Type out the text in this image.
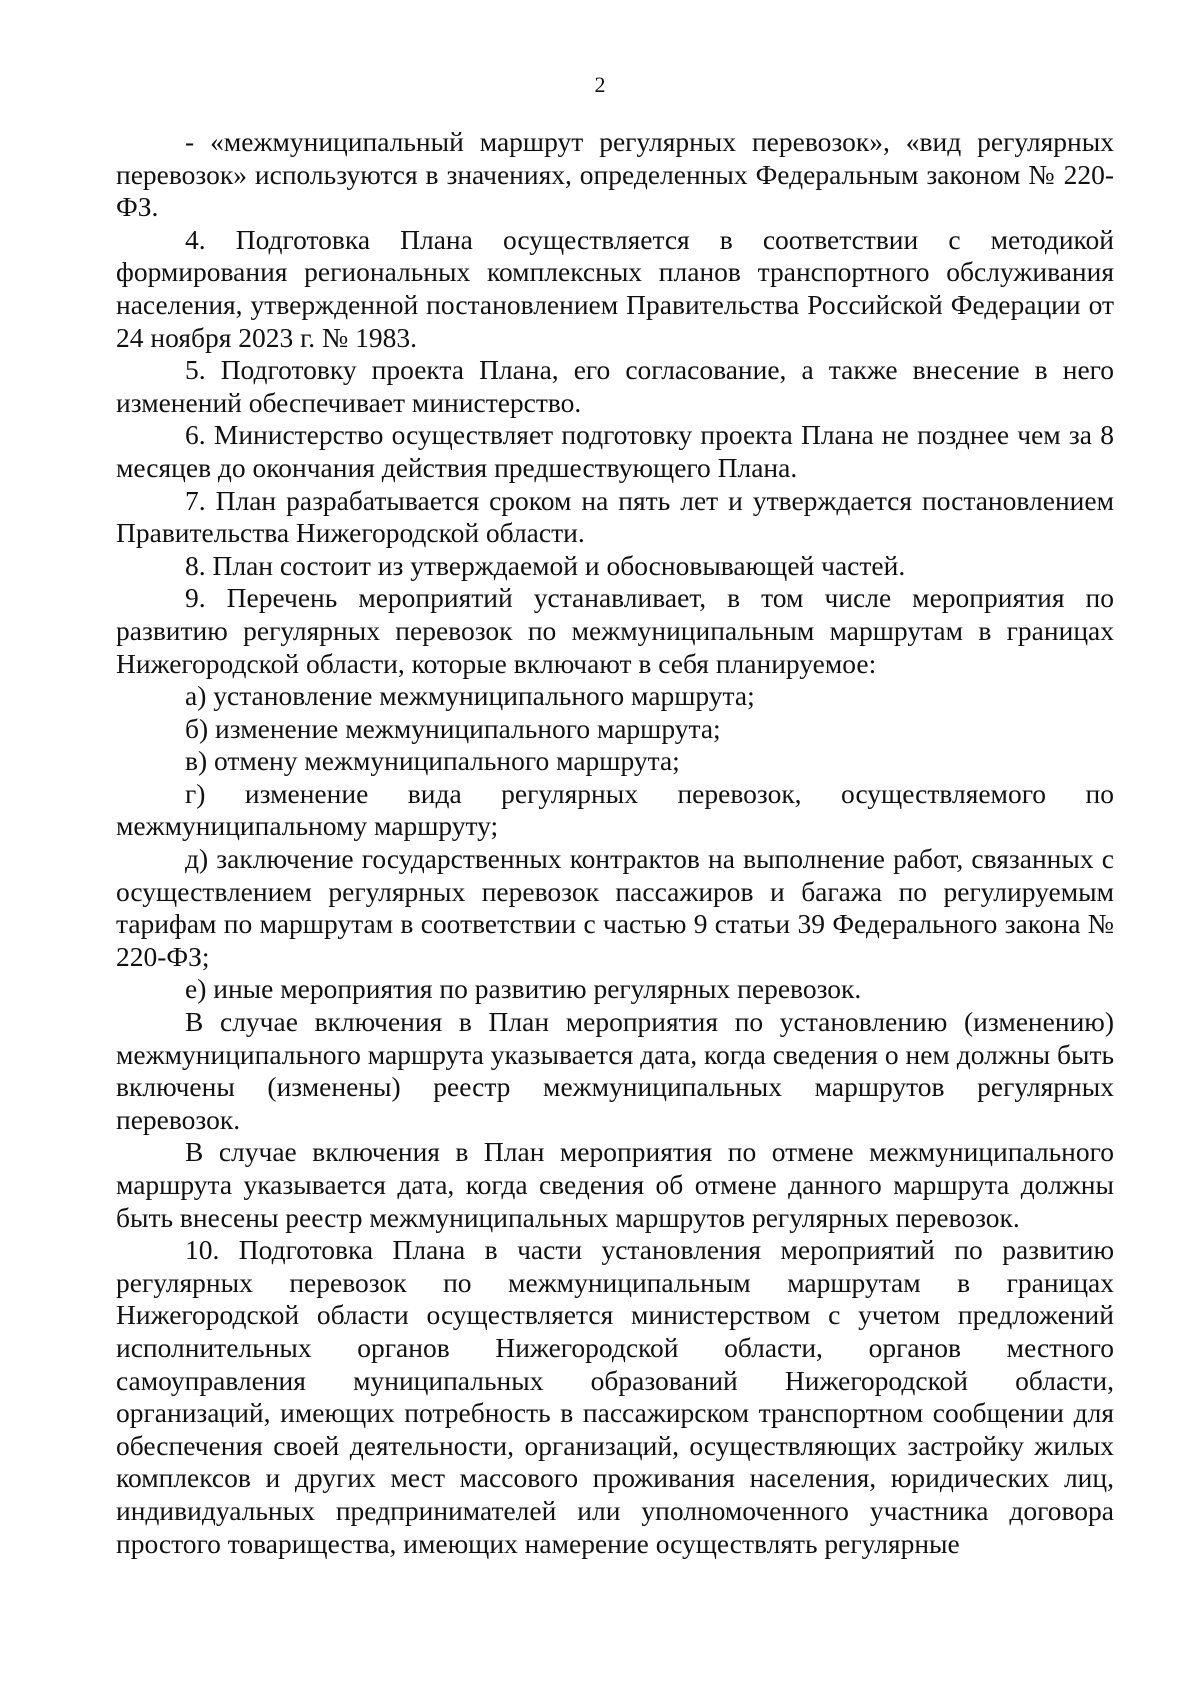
2

- «межмуниципальный маршрут регулярных перевозок», «вид регулярных перевозок» используются в значениях, определенных Федеральным законом № 220-ФЗ.

4. Подготовка Плана осуществляется в соответствии с методикой формирования региональных комплексных планов транспортного обслуживания населения, утвержденной постановлением Правительства Российской Федерации от 24 ноября 2023 г. № 1983.

5. Подготовку проекта Плана, его согласование, а также внесение в него изменений обеспечивает министерство.

6. Министерство осуществляет подготовку проекта Плана не позднее чем за 8 месяцев до окончания действия предшествующего Плана.

7. План разрабатывается сроком на пять лет и утверждается постановлением Правительства Нижегородской области.

8. План состоит из утверждаемой и обосновывающей частей.

9. Перечень мероприятий устанавливает, в том числе мероприятия по развитию регулярных перевозок по межмуниципальным маршрутам в границах Нижегородской области, которые включают в себя планируемое:

а) установление межмуниципального маршрута;

б) изменение межмуниципального маршрута;

в) отмену межмуниципального маршрута;

г) изменение вида регулярных перевозок, осуществляемого по межмуниципальному маршруту;

д) заключение государственных контрактов на выполнение работ, связанных с осуществлением регулярных перевозок пассажиров и багажа по регулируемым тарифам по маршрутам в соответствии с частью 9 статьи 39 Федерального закона № 220-ФЗ;

е) иные мероприятия по развитию регулярных перевозок.

В случае включения в План мероприятия по установлению (изменению) межмуниципального маршрута указывается дата, когда сведения о нем должны быть включены (изменены) реестр межмуниципальных маршрутов регулярных перевозок.

В случае включения в План мероприятия по отмене межмуниципального маршрута указывается дата, когда сведения об отмене данного маршрута должны быть внесены реестр межмуниципальных маршрутов регулярных перевозок.

10. Подготовка Плана в части установления мероприятий по развитию регулярных перевозок по межмуниципальным маршрутам в границах Нижегородской области осуществляется министерством с учетом предложений исполнительных органов Нижегородской области, органов местного самоуправления муниципальных образований Нижегородской области, организаций, имеющих потребность в пассажирском транспортном сообщении для обеспечения своей деятельности, организаций, осуществляющих застройку жилых комплексов и других мест массового проживания населения, юридических лиц, индивидуальных предпринимателей или уполномоченного участника договора простого товарищества, имеющих намерение осуществлять регулярные
